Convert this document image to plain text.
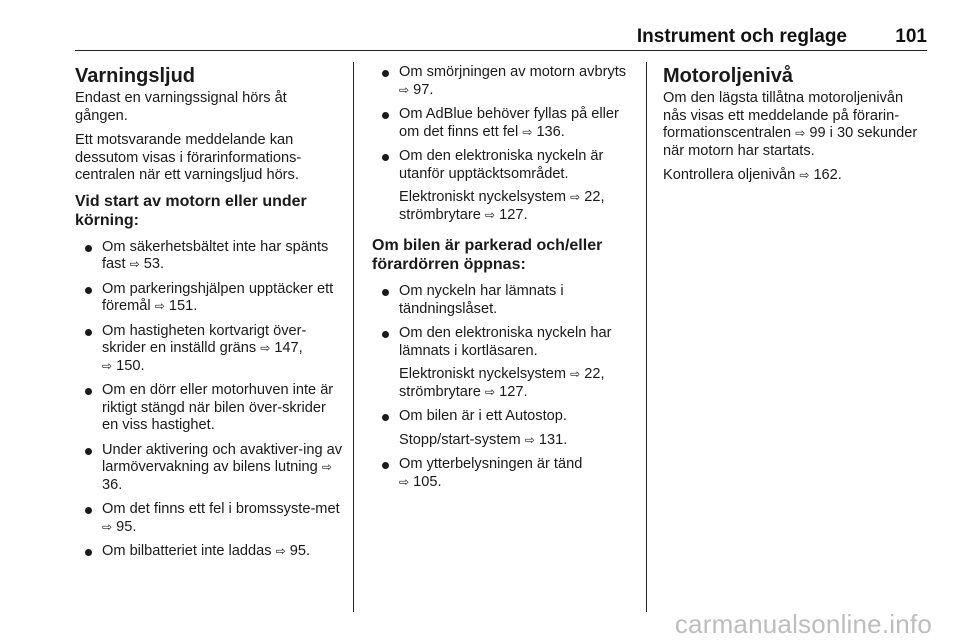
Instrument och reglage	101

Varningsljud

Endast en varningssignal hörs åt gången.

Ett motsvarande meddelande kan dessutom visas i förarinformations-centralen när ett varningsljud hörs.

Vid start av motorn eller under körning:

Om säkerhetsbältet inte har spänts fast ⇨ 53.
Om parkeringshjälpen upptäcker ett föremål ⇨ 151.
Om hastigheten kortvarigt över-skrider en inställd gräns ⇨ 147,
⇨ 150.
Om en dörr eller motorhuven inte är riktigt stängd när bilen över-skrider en viss hastighet.
Under aktivering och avaktiver-ing av larmövervakning av bilens lutning ⇨ 36.
Om det finns ett fel i bromssyste-met ⇨ 95.
Om bilbatteriet inte laddas ⇨ 95.
Om smörjningen av motorn avbryts ⇨ 97.
Om AdBlue behöver fyllas på eller om det finns ett fel ⇨ 136.
Om den elektroniska nyckeln är utanför upptäcktsområdet.

Elektroniskt nyckelsystem ⇨ 22, strömbrytare ⇨ 127.

Om bilen är parkerad och/eller förardörren öppnas:

Om nyckeln har lämnats i tändningslåset.
Om den elektroniska nyckeln har lämnats i kortläsaren.

Elektroniskt nyckelsystem ⇨ 22, strömbrytare ⇨ 127.

Om bilen är i ett Autostop.

Stopp/start-system ⇨ 131.

Om ytterbelysningen är tänd
⇨ 105.

Motoroljenivå

Om den lägsta tillåtna motoroljenivån nås visas ett meddelande på förarin-formationscentralen ⇨ 99 i 30 sekunder när motorn har startats.

Kontrollera oljenivån ⇨ 162.

carmanualsonline.info
